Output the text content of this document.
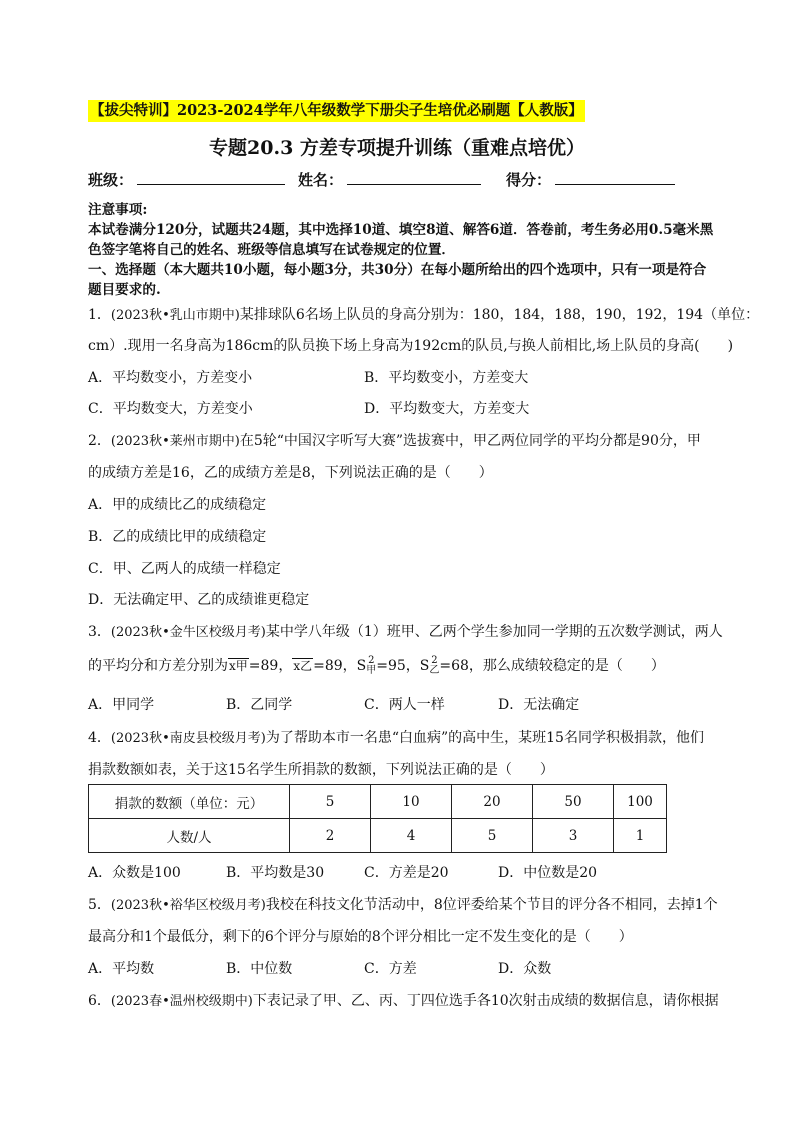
【拔尖特训】2023-2024学年八年级数学下册尖子生培优必刷题【人教版】
专题20.3 方差专项提升训练（重难点培优）
班级：	姓名：	得分：
注意事项:
本试卷满分120分，试题共24题，其中选择10道、填空8道、解答6道．答卷前，考生务必用0.5毫米黑
色签字笔将自己的姓名、班级等信息填写在试卷规定的位置．
一、选择题（本大题共10小题，每小题3分，共30分）在每小题所给出的四个选项中，只有一项是符合
题目要求的.
1．(2023秋•乳山市期中)某排球队6名场上队员的身高分别为：180，184，188，190，192，194（单位：
cm）.现用一名身高为186cm的队员换下场上身高为192cm的队员,与换人前相比,场上队员的身高(　　)
A．平均数变小，方差变小	B．平均数变小，方差变大
C．平均数变大，方差变小	D．平均数变大，方差变大
2．(2023秋•莱州市期中)在5轮“中国汉字听写大赛”选拔赛中，甲乙两位同学的平均分都是90分，甲
的成绩方差是16，乙的成绩方差是8，下列说法正确的是（　　）
A．甲的成绩比乙的成绩稳定
B．乙的成绩比甲的成绩稳定
C．甲、乙两人的成绩一样稳定
D．无法确定甲、乙的成绩谁更稳定
3．(2023秋•金牛区校级月考)某中学八年级（1）班甲、乙两个学生参加同一学期的五次数学测试，两人
的平均分和方差分别为x甲=89，x乙=89，S 2
甲 =95，S 2
乙 =68，那么成绩较稳定的是（　　）
A．甲同学	B．乙同学	C．两人一样	D．无法确定
4．(2023秋•南皮县校级月考)为了帮助本市一名患“白血病”的高中生，某班15名同学积极捐款，他们
捐款数额如表，关于这15名学生所捐款的数额，下列说法正确的是（　　）
捐款的数额（单位：元）	5	10	20	50	100
人数/人	2	4	5	3	1
A．众数是100	B．平均数是30	C．方差是20	D．中位数是20
5．(2023秋•裕华区校级月考)我校在科技文化节活动中，8位评委给某个节目的评分各不相同，去掉1个
最高分和1个最低分，剩下的6个评分与原始的8个评分相比一定不发生变化的是（　　）
A．平均数	B．中位数	C．方差	D．众数
6．(2023春•温州校级期中)下表记录了甲、乙、丙、丁四位选手各10次射击成绩的数据信息，请你根据
